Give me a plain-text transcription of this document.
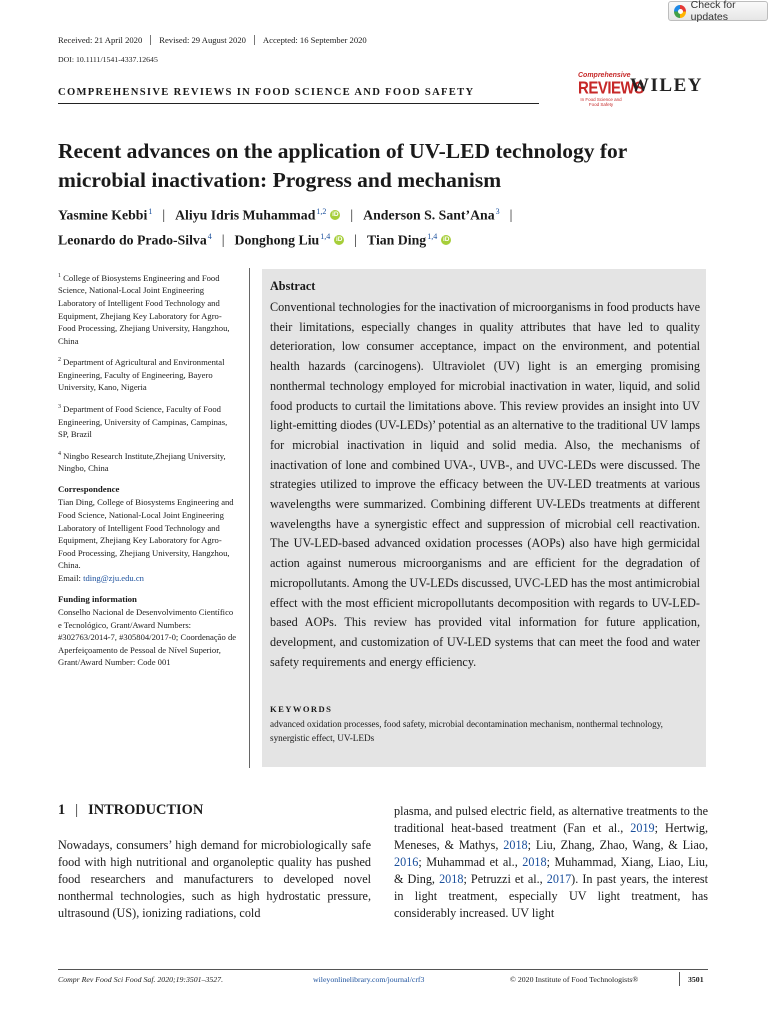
Check for updates
Received: 21 April 2020 Revised: 29 August 2020 Accepted: 16 September 2020
DOI: 10.1111/1541-4337.12645
COMPREHENSIVE REVIEWS IN FOOD SCIENCE AND FOOD SAFETY
Comprehensive
REVIEWS
In Food Science and Food Safety
WILEY
Recent advances on the application of UV-LED technology for microbial inactivation: Progress and mechanism
Yasmine Kebbi$^1$ | Aliyu Idris Muhammad$^{1,2}$ iD | Anderson S. Sant’Ana$^3$ |
Leonardo do Prado-Silva$^4$ | Donghong Liu$^{1,4}$ iD | Tian Ding$^{1,4}$ iD
$^1$ College of Biosystems Engineering and Food Science, National-Local Joint Engineering Laboratory of Intelligent Food Technology and Equipment, Zhejiang Key Laboratory for Agro-Food Processing, Zhejiang University, Hangzhou, China
$^2$ Department of Agricultural and Environmental Engineering, Faculty of Engineering, Bayero University, Kano, Nigeria
$^3$ Department of Food Science, Faculty of Food Engineering, University of Campinas, Campinas, SP, Brazil
$^4$ Ningbo Research Institute,Zhejiang University, Ningbo, China
Correspondence
Tian Ding, College of Biosystems Engineering and Food Science, National-Local Joint Engineering Laboratory of Intelligent Food Technology and Equipment, Zhejiang Key Laboratory for Agro-Food Processing, Zhejiang University, Hangzhou, China.
Email: tding@zju.edu.cn
Funding information
Conselho Nacional de Desenvolvimento Científico e Tecnológico, Grant/Award Numbers: #302763/2014-7, #305804/2017-0; Coordenação de Aperfeiçoamento de Pessoal de Nível Superior, Grant/Award Number: Code 001
Abstract
Conventional technologies for the inactivation of microorganisms in food products have their limitations, especially changes in quality attributes that have led to quality deterioration, low consumer acceptance, impact on the environment, and potential health hazards (carcinogens). Ultraviolet (UV) light is an emerging promising nonthermal technology employed for microbial inactivation in water, liquid, and solid food products to curtail the limitations above. This review provides an insight into UV light-emitting diodes (UV-LEDs)’ potential as an alternative to the traditional UV lamps for microbial inactivation in liquid and solid media. Also, the mechanisms of inactivation of lone and combined UVA-, UVB-, and UVC-LEDs were discussed. The strategies utilized to improve the efficacy between the UV-LED treatments at various wavelengths were summarized. Combining different UV-LEDs treatments at different wavelengths have a synergistic effect and suppression of microbial cell reactivation. The UV-LED-based advanced oxidation processes (AOPs) also have high germicidal action against numerous microorganisms and are efficient for the degradation of micropollutants. Among the UV-LEDs discussed, UVC-LED has the most antimicrobial effect with the most efficient micropollutants decomposition with regards to UV-LED-based AOPs. This review has provided vital information for future application, development, and customization of UV-LED systems that can meet the food and water safety requirements and energy efficiency.
KEYWORDS
advanced oxidation processes, food safety, microbial decontamination mechanism, nonthermal technology, synergistic effect, UV-LEDs
1 | INTRODUCTION
Nowadays, consumers’ high demand for microbiologically safe food with high nutritional and organoleptic quality has pushed food researchers and manufacturers to developed novel nonthermal technologies, such as high hydrostatic pressure, ultrasound (US), ionizing radiations, cold
plasma, and pulsed electric field, as alternative treatments to the traditional heat-based treatment (Fan et al., 2019; Hertwig, Meneses, & Mathys, 2018; Liu, Zhang, Zhao, Wang, & Liao, 2016; Muhammad et al., 2018; Muhammad, Xiang, Liao, Liu, & Ding, 2018; Petruzzi et al., 2017). In past years, the interest in light treatment, especially UV light treatment, has considerably increased. UV light
Compr Rev Food Sci Food Saf. 2020;19:3501–3527.	wileyonlinelibrary.com/journal/crf3	© 2020 Institute of Food Technologists®	3501
